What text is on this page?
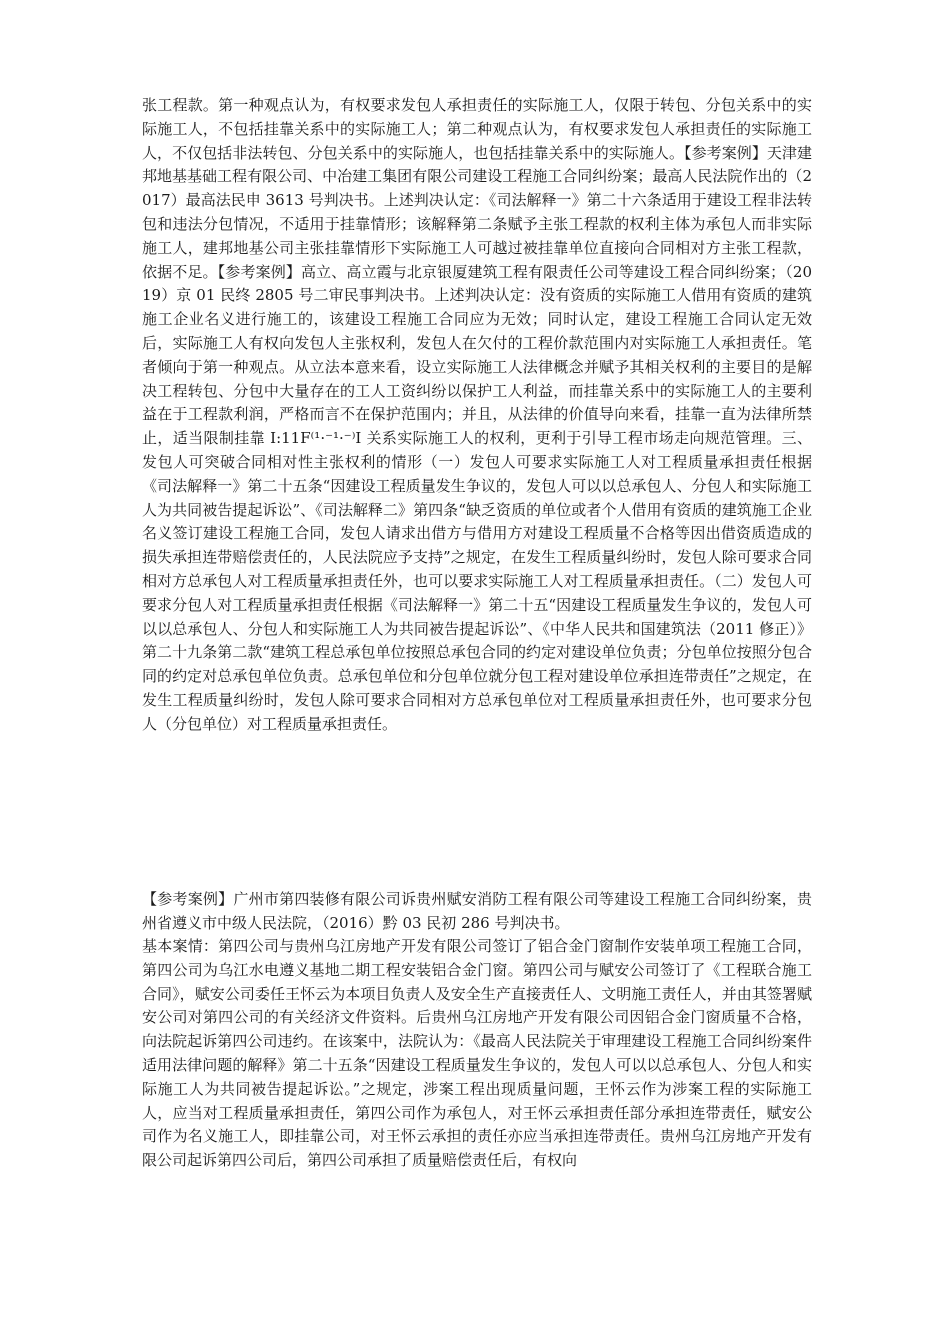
张工程款。第一种观点认为，有权要求发包人承担责任的实际施工人，仅限于转包、分包关系中的实际施工人，不包括挂靠关系中的实际施工人；第二种观点认为，有权要求发包人承担责任的实际施工人，不仅包括非法转包、分包关系中的实际施人，也包括挂靠关系中的实际施人。【参考案例】天津建邦地基基础工程有限公司、中冶建工集团有限公司建设工程施工合同纠纷案；最高人民法院作出的（2017）最高法民申 3613 号判决书。上述判决认定：《司法解释一》第二十六条适用于建设工程非法转包和违法分包情况，不适用于挂靠情形；该解释第二条赋予主张工程款的权利主体为承包人而非实际施工人，建邦地基公司主张挂靠情形下实际施工人可越过被挂靠单位直接向合同相对方主张工程款，依据不足。【参考案例】高立、高立霞与北京银厦建筑工程有限责任公司等建设工程合同纠纷案；（2019）京 01 民终 2805 号二审民事判决书。上述判决认定：没有资质的实际施工人借用有资质的建筑施工企业名义进行施工的，该建设工程施工合同应为无效；同时认定，建设工程施工合同认定无效后，实际施工人有权向发包人主张权利，发包人在欠付的工程价款范围内对实际施工人承担责任。笔者倾向于第一种观点。从立法本意来看，设立实际施工人法律概念并赋予其相关权利的主要目的是解决工程转包、分包中大量存在的工人工资纠纷以保护工人利益，而挂靠关系中的实际施工人的主要利益在于工程款利润，严格而言不在保护范围内；并且，从法律的价值导向来看，挂靠一直为法律所禁止，适当限制挂靠 I:11F⁽¹·⁻¹·⁻⁾I 关系实际施工人的权利，更利于引导工程市场走向规范管理。三、发包人可突破合同相对性主张权利的情形（一）发包人可要求实际施工人对工程质量承担责任根据《司法解释一》第二十五条“因建设工程质量发生争议的，发包人可以以总承包人、分包人和实际施工人为共同被告提起诉讼”、《司法解释二》第四条“缺乏资质的单位或者个人借用有资质的建筑施工企业名义签订建设工程施工合同，发包人请求出借方与借用方对建设工程质量不合格等因出借资质造成的损失承担连带赔偿责任的，人民法院应予支持”之规定，在发生工程质量纠纷时，发包人除可要求合同相对方总承包人对工程质量承担责任外，也可以要求实际施工人对工程质量承担责任。（二）发包人可要求分包人对工程质量承担责任根据《司法解释一》第二十五“因建设工程质量发生争议的，发包人可以以总承包人、分包人和实际施工人为共同被告提起诉讼”、《中华人民共和国建筑法（2011 修正）》第二十九条第二款“建筑工程总承包单位按照总承包合同的约定对建设单位负责；分包单位按照分包合同的约定对总承包单位负责。总承包单位和分包单位就分包工程对建设单位承担连带责任”之规定，在发生工程质量纠纷时，发包人除可要求合同相对方总承包单位对工程质量承担责任外，也可要求分包人（分包单位）对工程质量承担责任。

【参考案例】广州市第四装修有限公司诉贵州赋安消防工程有限公司等建设工程施工合同纠纷案，贵州省遵义市中级人民法院，（2016）黔 03 民初 286 号判决书。

基本案情：第四公司与贵州乌江房地产开发有限公司签订了铝合金门窗制作安装单项工程施工合同，第四公司为乌江水电遵义基地二期工程安装铝合金门窗。第四公司与赋安公司签订了《工程联合施工合同》，赋安公司委任王怀云为本项目负责人及安全生产直接责任人、文明施工责任人，并由其签署赋安公司对第四公司的有关经济文件资料。后贵州乌江房地产开发有限公司因铝合金门窗质量不合格，向法院起诉第四公司违约。在该案中，法院认为：《最高人民法院关于审理建设工程施工合同纠纷案件适用法律问题的解释》第二十五条“因建设工程质量发生争议的，发包人可以以总承包人、分包人和实际施工人为共同被告提起诉讼。”之规定，涉案工程出现质量问题，王怀云作为涉案工程的实际施工人，应当对工程质量承担责任，第四公司作为承包人，对王怀云承担责任部分承担连带责任，赋安公司作为名义施工人，即挂靠公司，对王怀云承担的责任亦应当承担连带责任。贵州乌江房地产开发有限公司起诉第四公司后，第四公司承担了质量赔偿责任后，有权向
